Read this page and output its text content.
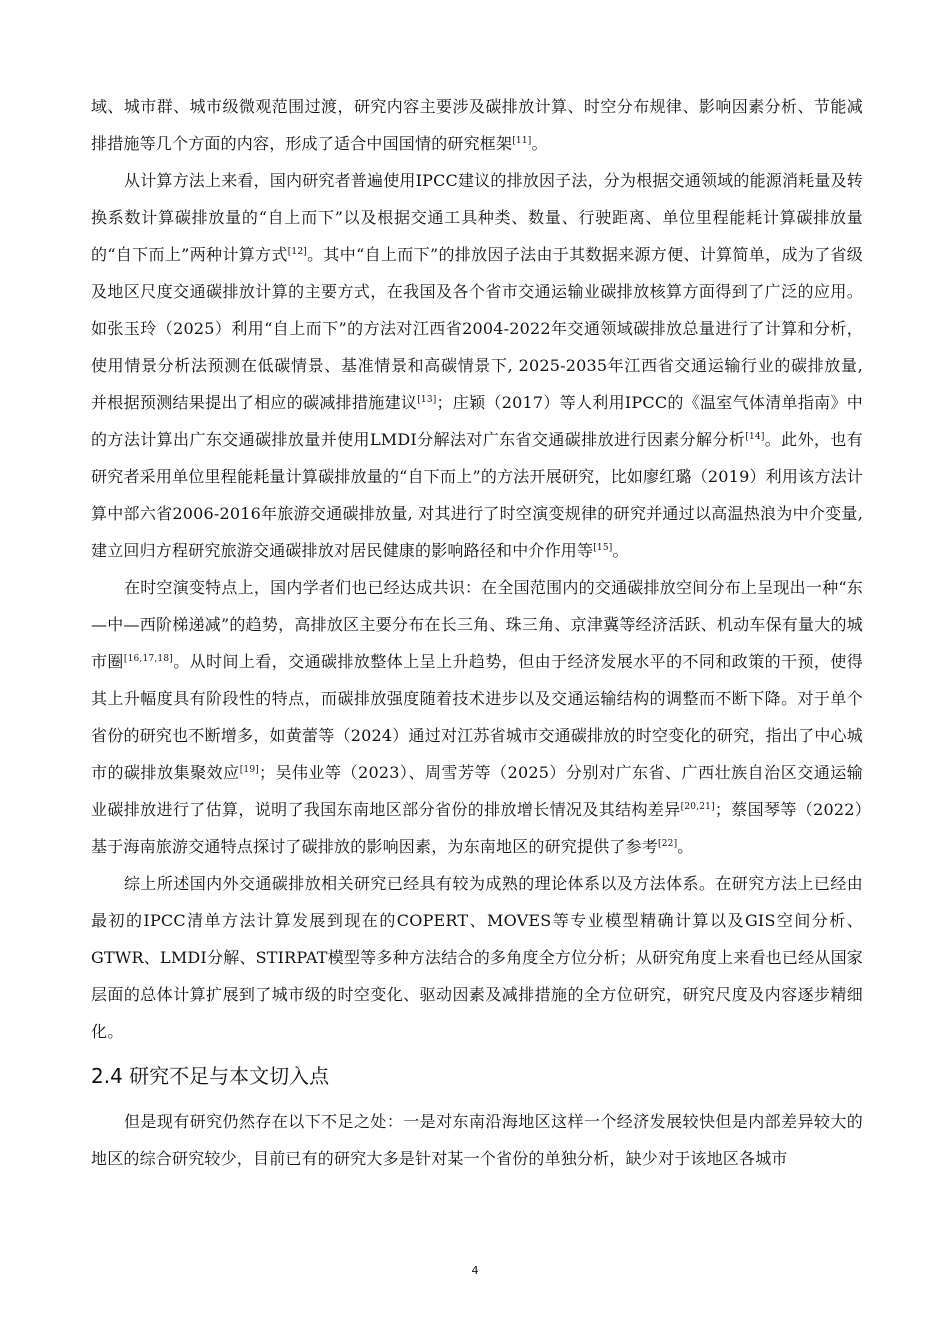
域、城市群、城市级微观范围过渡，研究内容主要涉及碳排放计算、时空分布规律、影响因素分析、节能减排措施等几个方面的内容，形成了适合中国国情的研究框架[11]。

从计算方法上来看，国内研究者普遍使用IPCC建议的排放因子法，分为根据交通领域的能源消耗量及转换系数计算碳排放量的“自上而下”以及根据交通工具种类、数量、行驶距离、单位里程能耗计算碳排放量的“自下而上”两种计算方式[12]。其中“自上而下”的排放因子法由于其数据来源方便、计算简单，成为了省级及地区尺度交通碳排放计算的主要方式，在我国及各个省市交通运输业碳排放核算方面得到了广泛的应用。如张玉玲（2025）利用“自上而下”的方法对江西省2004-2022年交通领域碳排放总量进行了计算和分析，使用情景分析法预测在低碳情景、基准情景和高碳情景下, 2025-2035年江西省交通运输行业的碳排放量, 并根据预测结果提出了相应的碳减排措施建议[13]；庄颖（2017）等人利用IPCC的《温室气体清单指南》中的方法计算出广东交通碳排放量并使用LMDI分解法对广东省交通碳排放进行因素分解分析[14]。此外，也有研究者采用单位里程能耗量计算碳排放量的“自下而上”的方法开展研究，比如廖红璐（2019）利用该方法计算中部六省2006-2016年旅游交通碳排放量, 对其进行了时空演变规律的研究并通过以高温热浪为中介变量, 建立回归方程研究旅游交通碳排放对居民健康的影响路径和中介作用等[15]。

在时空演变特点上，国内学者们也已经达成共识：在全国范围内的交通碳排放空间分布上呈现出一种“东—中—西阶梯递减”的趋势，高排放区主要分布在长三角、珠三角、京津冀等经济活跃、机动车保有量大的城市圈[16,17,18]。从时间上看，交通碳排放整体上呈上升趋势，但由于经济发展水平的不同和政策的干预，使得其上升幅度具有阶段性的特点，而碳排放强度随着技术进步以及交通运输结构的调整而不断下降。对于单个省份的研究也不断增多，如黄蕾等（2024）通过对江苏省城市交通碳排放的时空变化的研究，指出了中心城市的碳排放集聚效应[19]；吴伟业等（2023）、周雪芳等（2025）分别对广东省、广西壮族自治区交通运输业碳排放进行了估算，说明了我国东南地区部分省份的排放增长情况及其结构差异[20,21]；蔡国琴等（2022）基于海南旅游交通特点探讨了碳排放的影响因素，为东南地区的研究提供了参考[22]。

综上所述国内外交通碳排放相关研究已经具有较为成熟的理论体系以及方法体系。在研究方法上已经由最初的IPCC清单方法计算发展到现在的COPERT、MOVES等专业模型精确计算以及GIS空间分析、GTWR、LMDI分解、STIRPAT模型等多种方法结合的多角度全方位分析；从研究角度上来看也已经从国家层面的总体计算扩展到了城市级的时空变化、驱动因素及减排措施的全方位研究，研究尺度及内容逐步精细化。

2.4 研究不足与本文切入点

但是现有研究仍然存在以下不足之处：一是对东南沿海地区这样一个经济发展较快但是内部差异较大的地区的综合研究较少，目前已有的研究大多是针对某一个省份的单独分析，缺少对于该地区各城市

4
